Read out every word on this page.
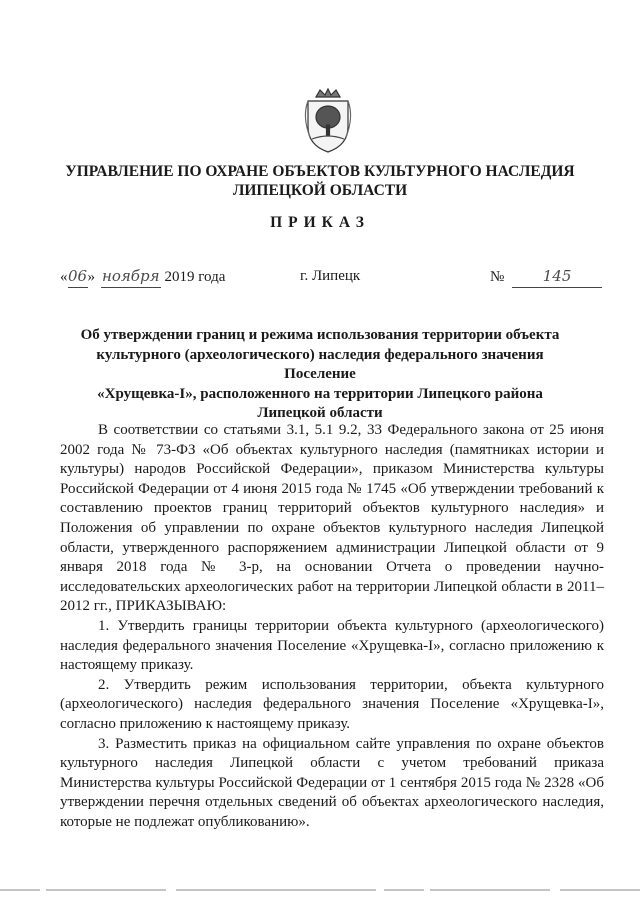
УПРАВЛЕНИЕ ПО ОХРАНЕ ОБЪЕКТОВ КУЛЬТУРНОГО НАСЛЕДИЯ
ЛИПЕЦКОЙ ОБЛАСТИ
ПРИКАЗ
«06» ноября 2019 года	г. Липецк	№	145
Об утверждении границ и режима использования территории объекта
культурного (археологического) наследия федерального значения Поселение
«Хрущевка-I», расположенного на территории Липецкого района
Липецкой области

В соответствии со статьями 3.1, 5.1 9.2, 33 Федерального закона от 25 июня 2002 года № 73-ФЗ «Об объектах культурного наследия (памятниках истории и культуры) народов Российской Федерации», приказом Министерства культуры Российской Федерации от 4 июня 2015 года № 1745 «Об утверждении требований к составлению проектов границ территорий объектов культурного наследия» и Положения об управлении по охране объектов культурного наследия Липецкой области, утвержденного распоряжением администрации Липецкой области от 9 января 2018 года № 3-р, на основании Отчета о проведении научно-исследовательских археологических работ на территории Липецкой области в 2011–2012 гг., ПРИКАЗЫВАЮ:

1. Утвердить границы территории объекта культурного (археологического) наследия федерального значения Поселение «Хрущевка-I», согласно приложению к настоящему приказу.

2. Утвердить режим использования территории, объекта культурного (археологического) наследия федерального значения Поселение «Хрущевка-I», согласно приложению к настоящему приказу.

3. Разместить приказ на официальном сайте управления по охране объектов культурного наследия Липецкой области с учетом требований приказа Министерства культуры Российской Федерации от 1 сентября 2015 года № 2328 «Об утверждении перечня отдельных сведений об объектах археологического наследия, которые не подлежат опубликованию».
